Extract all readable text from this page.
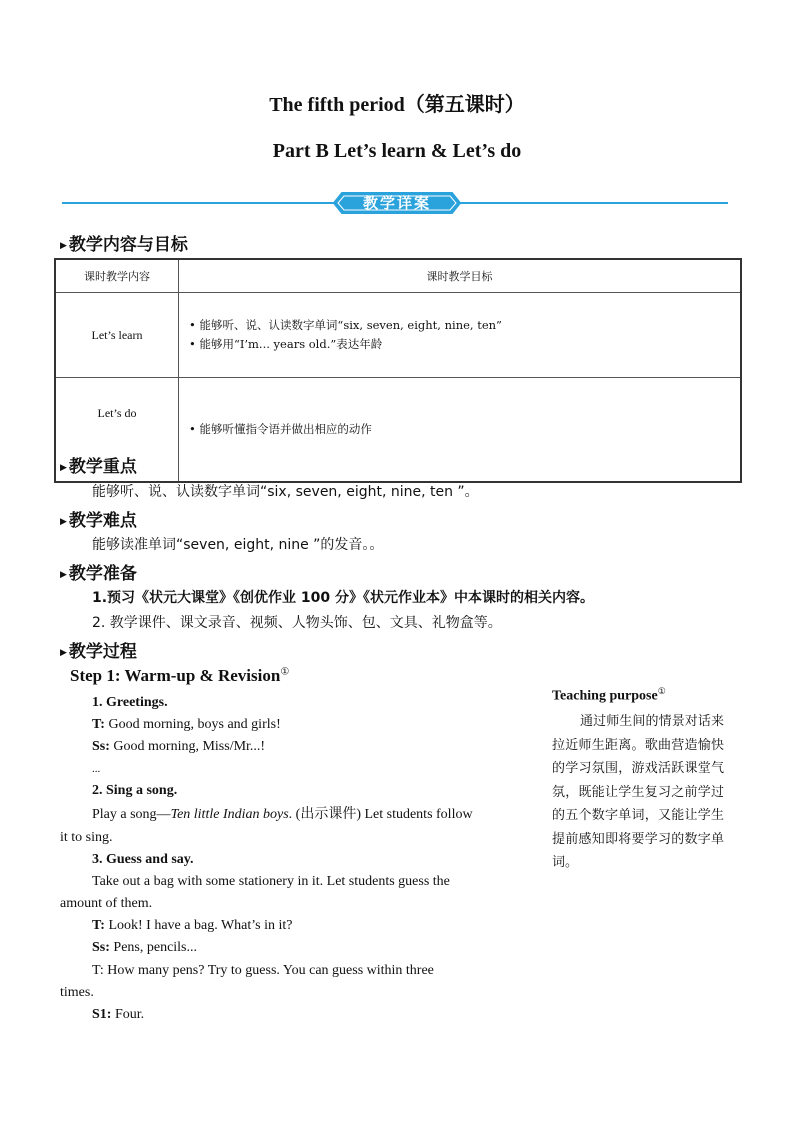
The fifth period（第五课时）
Part B Let’s learn & Let’s do
教学详案
▶ 教学内容与目标
课时教学内容	课时教学目标
Let’s learn	• 能够听、说、认读数字单词“six, seven, eight, nine, ten”
• 能够用“I’m... years old.”表达年龄

Let’s do	• 能够听懂指令语并做出相应的动作
▶ 教学重点
能够听、说、认读数字单词“six, seven, eight, nine, ten ”。
▶ 教学难点
能够读准单词“seven, eight, nine ”的发音。。
▶ 教学准备
1.预习《状元大课堂》《创优作业 100 分》《状元作业本》中本课时的相关内容。
2. 教学课件、课文录音、视频、人物头饰、包、文具、礼物盒等。
▶ 教学过程
Step 1: Warm-up & Revision①
1. Greetings.
T: Good morning, boys and girls!
Ss: Good morning, Miss/Mr...!
...
2. Sing a song.
Play a song—Ten little Indian boys. (出示课件) Let students follow
it to sing.
3. Guess and say.
Take out a bag with some stationery in it. Let students guess the
amount of them.
T: Look! I have a bag. What’s in it?
Ss: Pens, pencils...
T: How many pens? Try to guess. You can guess within three
times.
S1: Four.
Teaching purpose①
通过师生间的情景对话来拉近师生距离。歌曲营造愉快的学习氛围，游戏活跃课堂气氛，既能让学生复习之前学过的五个数字单词，又能让学生提前感知即将要学习的数字单词。
